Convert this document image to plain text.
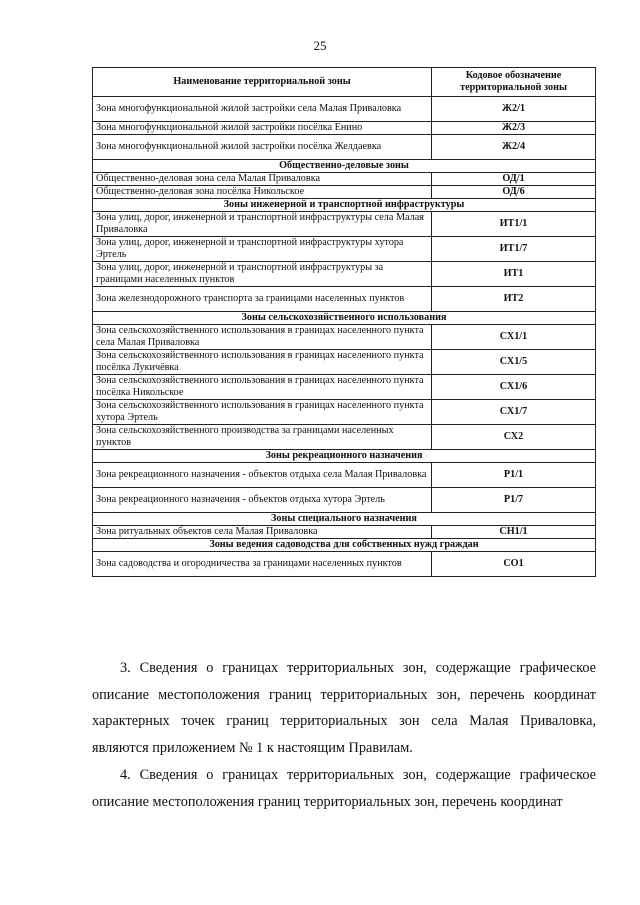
25
Наименование территориальной зоны	Кодовое обозначение территориальной зоны
Зона многофункциональной жилой застройки села Малая Приваловка	Ж2/1
Зона многофункциональной жилой застройки посёлка Енино	Ж2/3
Зона многофункциональной жилой застройки посёлка Желдаевка	Ж2/4
Общественно-деловые зоны	
Общественно-деловая зона села Малая Приваловка	ОД/1
Общественно-деловая зона посёлка Никольское	ОД/6
Зоны инженерной и транспортной инфраструктуры	
Зона улиц, дорог, инженерной и транспортной инфраструктуры села Малая Приваловка	ИТ1/1
Зона улиц, дорог, инженерной и транспортной инфраструктуры хутора Эртель	ИТ1/7
Зона улиц, дорог, инженерной и транспортной инфраструктуры за границами населенных пунктов	ИТ1
Зона железнодорожного транспорта за границами населенных пунктов	ИТ2
Зоны сельскохозяйственного использования	
Зона сельскохозяйственного использования в границах населенного пункта села Малая Приваловка	СХ1/1
Зона сельскохозяйственного использования в границах населенного пункта посёлка Лукичёвка	СХ1/5
Зона сельскохозяйственного использования в границах населенного пункта посёлка Никольское	СХ1/6
Зона сельскохозяйственного использования в границах населенного пункта хутора Эртель	СХ1/7
Зона сельскохозяйственного производства за границами населенных пунктов	СХ2
Зоны рекреационного назначения	
Зона рекреационного назначения - объектов отдыха села Малая Приваловка	Р1/1
Зона рекреационного назначения - объектов отдыха хутора Эртель	Р1/7
Зоны специального назначения	
Зона ритуальных объектов села Малая Приваловка	СН1/1
Зоны ведения садоводства для собственных нужд граждан	
Зона садоводства и огородничества за границами населенных пунктов	СО1

3. Сведения о границах территориальных зон, содержащие графическое описание местоположения границ территориальных зон, перечень координат характерных точек границ территориальных зон села Малая Приваловка, являются приложением № 1 к настоящим Правилам.

4. Сведения о границах территориальных зон, содержащие графическое описание местоположения границ территориальных зон, перечень координат
